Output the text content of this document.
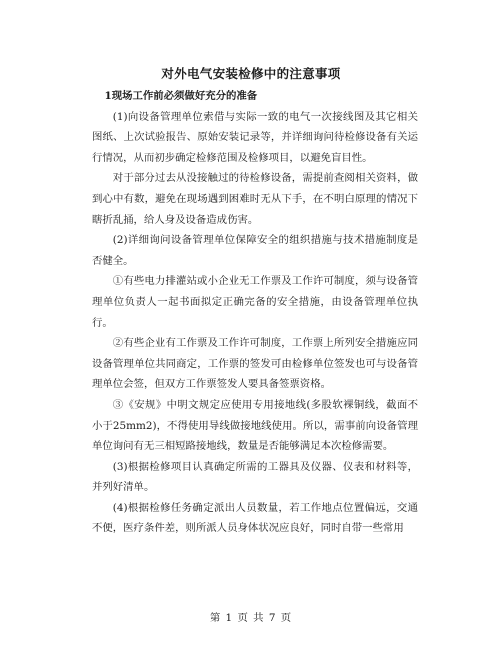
对外电气安装检修中的注意事项

1现场工作前必须做好充分的准备

(1)向设备管理单位索借与实际一致的电气一次接线图及其它相关图纸、上次试验报告、原始安装记录等，并详细询问待检修设备有关运行情况，从而初步确定检修范围及检修项目，以避免盲目性。

对于部分过去从没接触过的待检修设备，需提前查阅相关资料，做到心中有数，避免在现场遇到困难时无从下手，在不明白原理的情况下瞎折乱捅，给人身及设备造成伤害。

(2)详细询问设备管理单位保障安全的组织措施与技术措施制度是否健全。

①有些电力排灌站或小企业无工作票及工作许可制度，须与设备管理单位负责人一起书面拟定正确完备的安全措施，由设备管理单位执行。

②有些企业有工作票及工作许可制度，工作票上所列安全措施应同设备管理单位共同商定，工作票的签发可由检修单位签发也可与设备管理单位会签，但双方工作票签发人要具备签票资格。

③《安规》中明文规定应使用专用接地线(多股软裸铜线，截面不小于25mm2)，不得使用导线做接地线使用。所以，需事前向设备管理单位询问有无三相短路接地线，数量是否能够满足本次检修需要。

(3)根据检修项目认真确定所需的工器具及仪器、仪表和材料等，并列好清单。

(4)根据检修任务确定派出人员数量，若工作地点位置偏远，交通不便，医疗条件差，则所派人员身体状况应良好，同时自带一些常用

第 1 页 共 7 页
